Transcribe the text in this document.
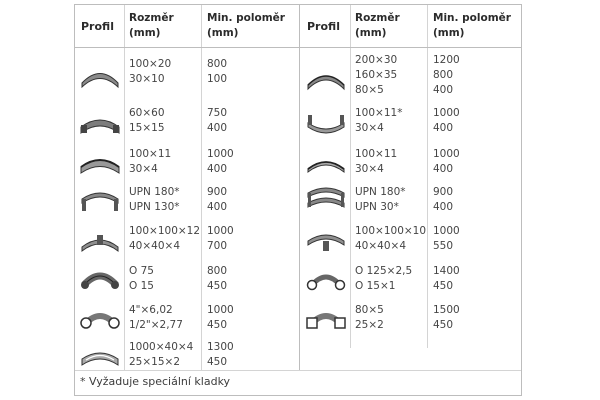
Profil
Rozměr
(mm)
Min. poloměr
(mm)	Profil
Rozměr
(mm)
Min. poloměr
(mm)
100×20
30×10
800
100
60×60
15×15
750
400
100×11
30×4
1000
400
UPN 180*
UPN 130*
900
400
100×100×12
40×40×4
1000
700
O 75
O 15
800
450
4"×6,02
1/2"×2,77
1000
450
1000×40×4
25×15×2
1300
450
200×30
160×35
80×5
1200
800
400
100×11*
30×4
1000
400
100×11
30×4
1000
400
UPN 180*
UPN 30*
900
400
100×100×10
40×40×4
1000
550
O 125×2,5
O 15×1
1400
450
80×5
25×2
1500
450
* Vyžaduje speciální kladky
